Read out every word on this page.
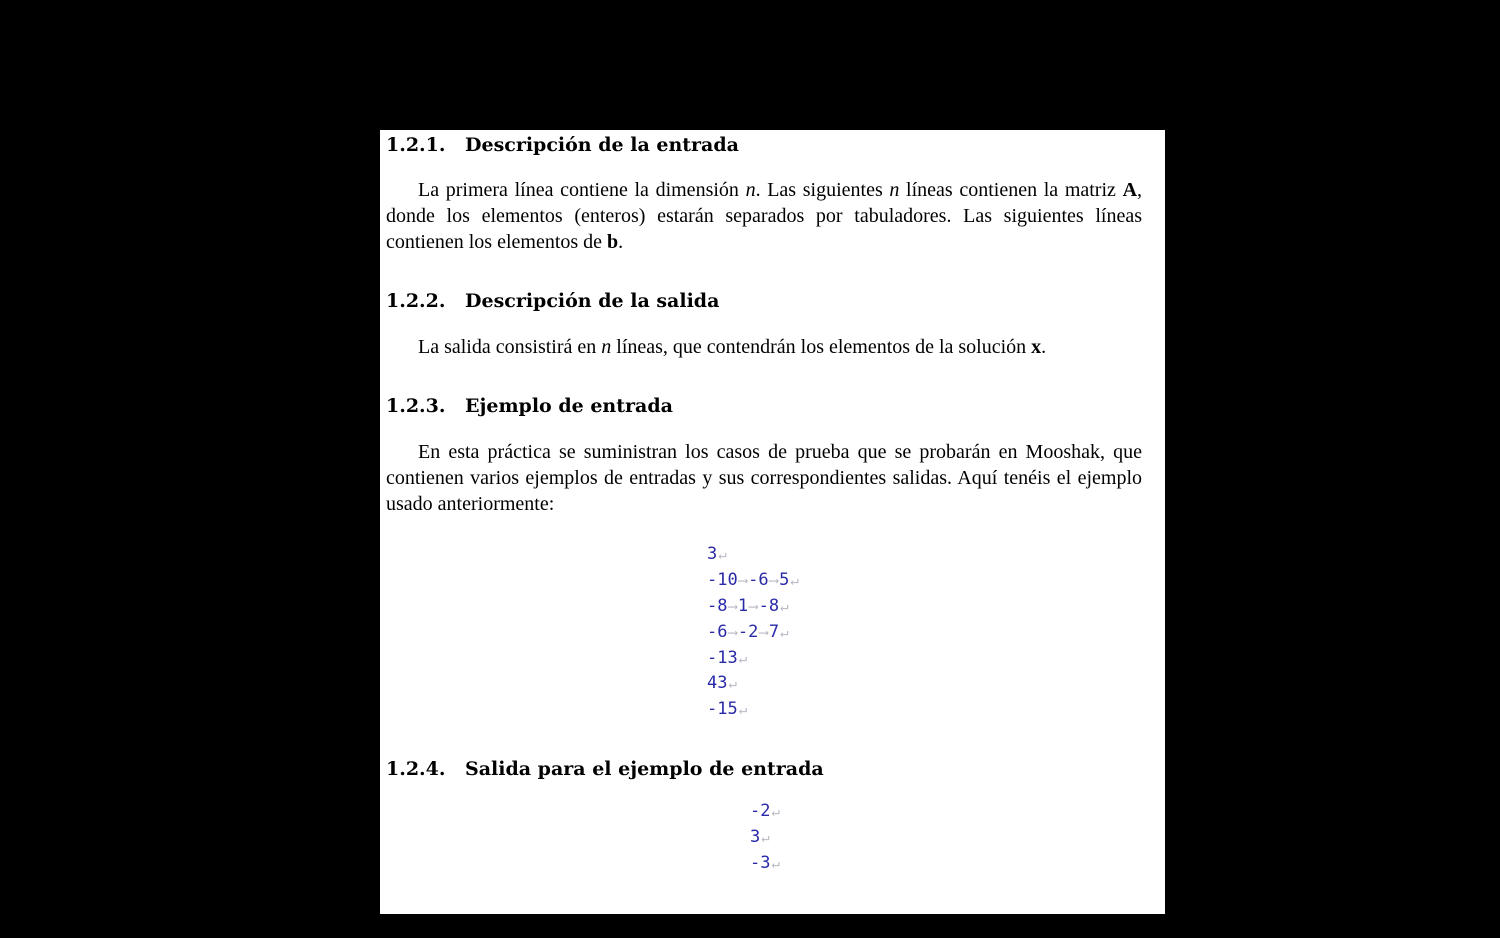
1.2.1. Descripción de la entrada
La primera línea contiene la dimensión n. Las siguientes n líneas contienen la matriz A, donde los elementos (enteros) estarán separados por tabuladores. Las siguientes líneas contienen los elementos de b.
1.2.2. Descripción de la salida
La salida consistirá en n líneas, que contendrán los elementos de la solución x.
1.2.3. Ejemplo de entrada
En esta práctica se suministran los casos de prueba que se probarán en Mooshak, que contienen varios ejemplos de entradas y sus correspondientes salidas. Aquí tenéis el ejemplo usado anteriormente:
3↵
-10⟶-6⟶5↵
-8⟶1⟶-8↵
-6⟶-2⟶7↵
-13↵
43↵
-15↵
1.2.4. Salida para el ejemplo de entrada
-2↵
3↵
-3↵
